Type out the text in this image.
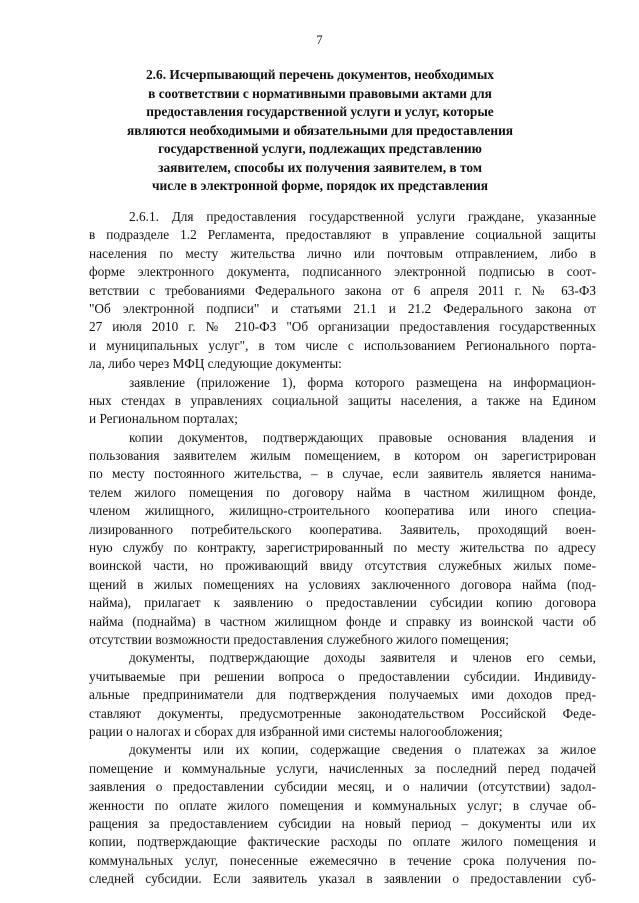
7
2.6. Исчерпывающий перечень документов, необходимых
в соответствии с нормативными правовыми актами для
предоставления государственной услуги и услуг, которые
являются необходимыми и обязательными для предоставления
государственной услуги, подлежащих представлению
заявителем, способы их получения заявителем, в том
числе в электронной форме, порядок их представления
2.6.1. Для предоставления государственной услуги граждане, указанные
в подразделе 1.2 Регламента, предоставляют в управление социальной защиты
населения по месту жительства лично или почтовым отправлением, либо в
форме электронного документа, подписанного электронной подписью в соот-
ветствии с требованиями Федерального закона от 6 апреля 2011 г. № 63-ФЗ
"Об электронной подписи" и статьями 21.1 и 21.2 Федерального закона от
27 июля 2010 г. № 210-ФЗ "Об организации предоставления государственных
и муниципальных услуг", в том числе с использованием Регионального порта-
ла, либо через МФЦ следующие документы:
заявление (приложение 1), форма которого размещена на информацион-
ных стендах в управлениях социальной защиты населения, а также на Едином
и Региональном порталах;
копии документов, подтверждающих правовые основания владения и
пользования заявителем жилым помещением, в котором он зарегистрирован
по месту постоянного жительства, – в случае, если заявитель является нанима-
телем жилого помещения по договору найма в частном жилищном фонде,
членом жилищного, жилищно-строительного кооператива или иного специа-
лизированного потребительского кооператива. Заявитель, проходящий воен-
ную службу по контракту, зарегистрированный по месту жительства по адресу
воинской части, но проживающий ввиду отсутствия служебных жилых поме-
щений в жилых помещениях на условиях заключенного договора найма (под-
найма), прилагает к заявлению о предоставлении субсидии копию договора
найма (поднайма) в частном жилищном фонде и справку из воинской части об
отсутствии возможности предоставления служебного жилого помещения;
документы, подтверждающие доходы заявителя и членов его семьи,
учитываемые при решении вопроса о предоставлении субсидии. Индивиду-
альные предприниматели для подтверждения получаемых ими доходов пред-
ставляют документы, предусмотренные законодательством Российской Феде-
рации о налогах и сборах для избранной ими системы налогообложения;
документы или их копии, содержащие сведения о платежах за жилое
помещение и коммунальные услуги, начисленных за последний перед подачей
заявления о предоставлении субсидии месяц, и о наличии (отсутствии) задол-
женности по оплате жилого помещения и коммунальных услуг; в случае об-
ращения за предоставлением субсидии на новый период – документы или их
копии, подтверждающие фактические расходы по оплате жилого помещения и
коммунальных услуг, понесенные ежемесячно в течение срока получения по-
следней субсидии. Если заявитель указал в заявлении о предоставлении суб-
